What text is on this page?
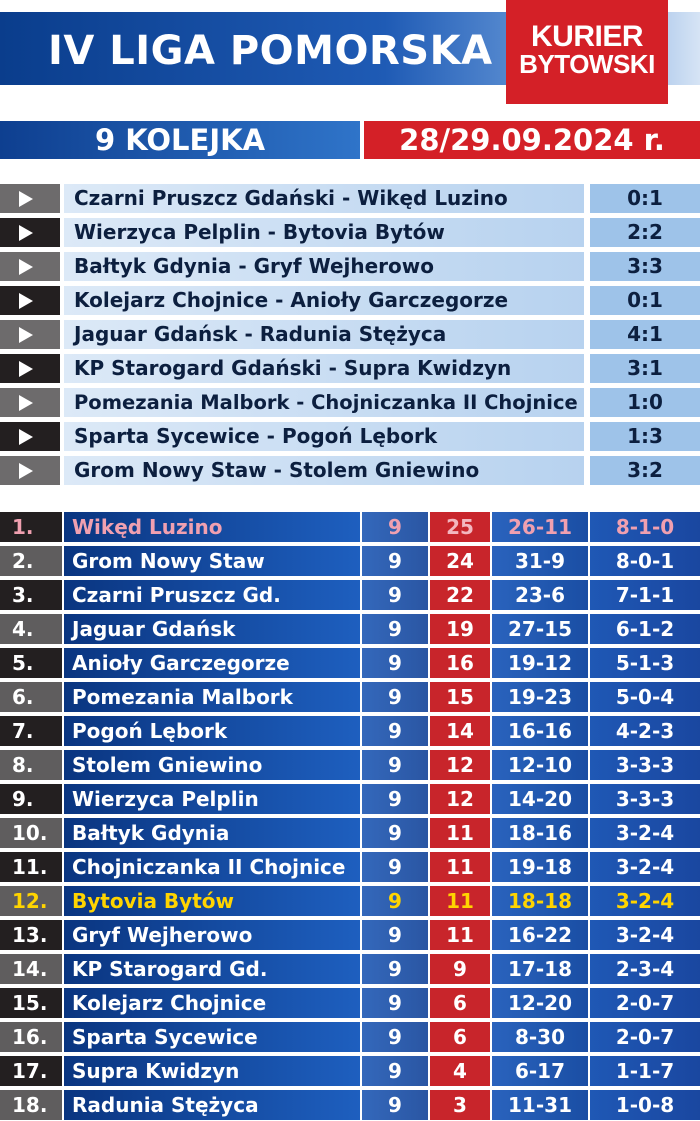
IV LIGA POMORSKA	KURIER
BYTOWSKI
9 KOLEJKA	28/29.09.2024 r.
Czarni Pruszcz Gdański - Wikęd Luzino	0:1
Wierzyca Pelplin - Bytovia Bytów	2:2
Bałtyk Gdynia - Gryf Wejherowo	3:3
Kolejarz Chojnice - Anioły Garczegorze	0:1
Jaguar Gdańsk - Radunia Stężyca	4:1
KP Starogard Gdański - Supra Kwidzyn	3:1
Pomezania Malbork - Chojniczanka II Chojnice	1:0
Sparta Sycewice - Pogoń Lębork	1:3
Grom Nowy Staw - Stolem Gniewino	3:2
1.	Wikęd Luzino	9	25	26-11	8-1-0
2.	Grom Nowy Staw	9	24	31-9	8-0-1
3.	Czarni Pruszcz Gd.	9	22	23-6	7-1-1
4.	Jaguar Gdańsk	9	19	27-15	6-1-2
5.	Anioły Garczegorze	9	16	19-12	5-1-3
6.	Pomezania Malbork	9	15	19-23	5-0-4
7.	Pogoń Lębork	9	14	16-16	4-2-3
8.	Stolem Gniewino	9	12	12-10	3-3-3
9.	Wierzyca Pelplin	9	12	14-20	3-3-3
10.	Bałtyk Gdynia	9	11	18-16	3-2-4
11.	Chojniczanka II Chojnice	9	11	19-18	3-2-4
12.	Bytovia Bytów	9	11	18-18	3-2-4
13.	Gryf Wejherowo	9	11	16-22	3-2-4
14.	KP Starogard Gd.	9	9	17-18	2-3-4
15.	Kolejarz Chojnice	9	6	12-20	2-0-7
16.	Sparta Sycewice	9	6	8-30	2-0-7
17.	Supra Kwidzyn	9	4	6-17	1-1-7
18.	Radunia Stężyca	9	3	11-31	1-0-8
